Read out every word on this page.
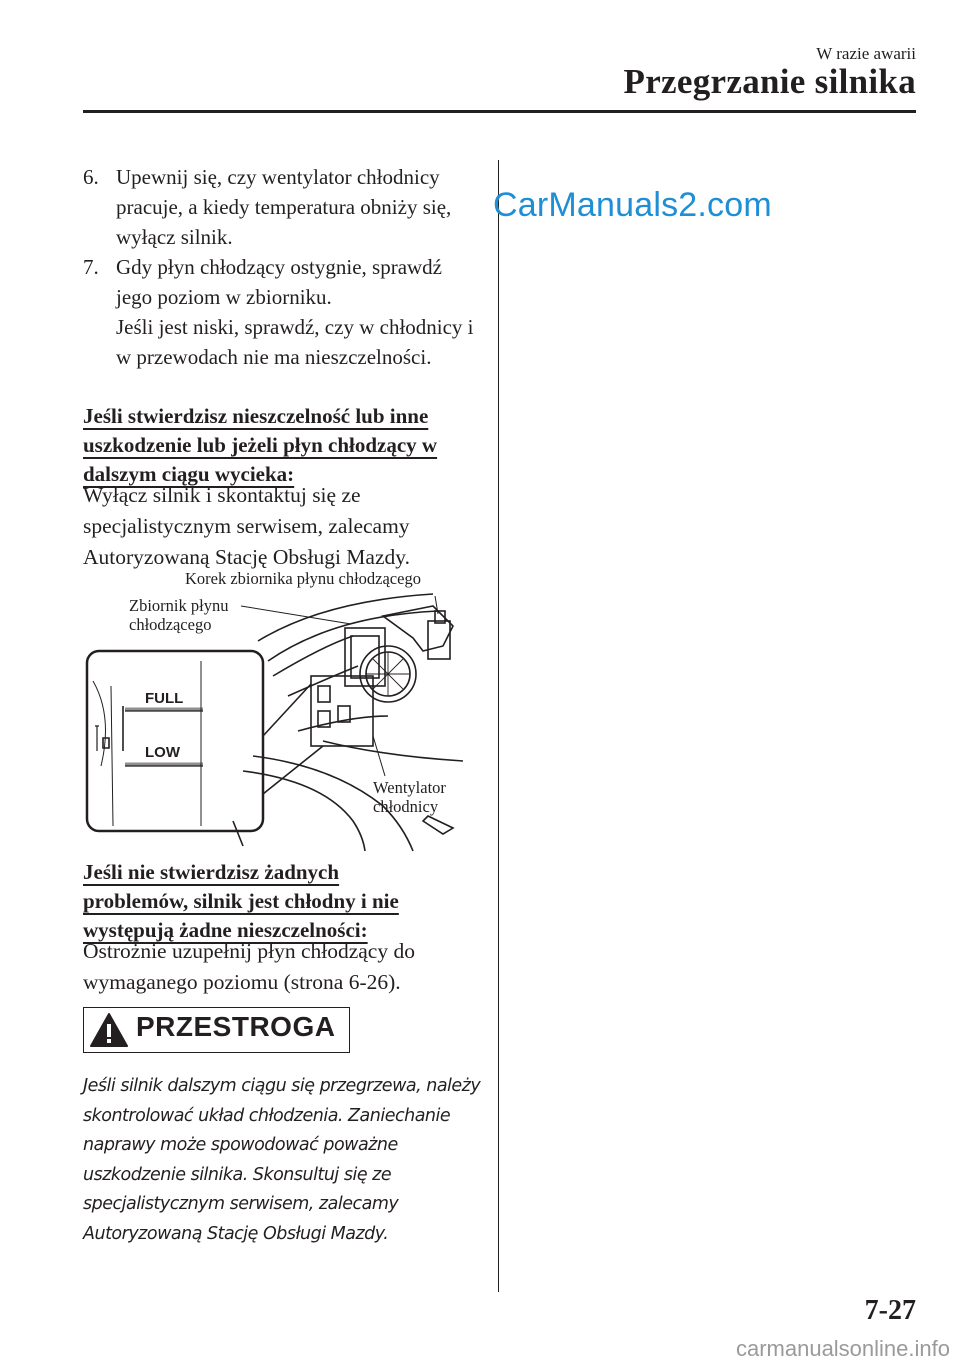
W razie awarii
Przegrzanie silnika
CarManuals2.com
6. Upewnij się, czy wentylator chłodnicy pracuje, a kiedy temperatura obniży się, wyłącz silnik.
7. Gdy płyn chłodzący ostygnie, sprawdź jego poziom w zbiorniku.
Jeśli jest niski, sprawdź, czy w chłodnicy i w przewodach nie ma nieszczelności.
Jeśli stwierdzisz nieszczelność lub inne uszkodzenie lub jeżeli płyn chłodzący w dalszym ciągu wycieka:
Wyłącz silnik i skontaktuj się ze specjalistycznym serwisem, zalecamy Autoryzowaną Stację Obsługi Mazdy.
FULL
LOW
Korek zbiornika płynu chłodzącego
Zbiornik płynu chłodzącego
Wentylator chłodnicy
Jeśli nie stwierdzisz żadnych problemów, silnik jest chłodny i nie występują żadne nieszczelności:
Ostrożnie uzupełnij płyn chłodzący do wymaganego poziomu (strona 6-26).
PRZESTROGA
Jeśli silnik dalszym ciągu się przegrzewa, należy skontrolować układ chłodzenia. Zaniechanie naprawy może spowodować poważne uszkodzenie silnika. Skonsultuj się ze specjalistycznym serwisem, zalecamy Autoryzowaną Stację Obsługi Mazdy.
7-27
carmanualsonline.info
